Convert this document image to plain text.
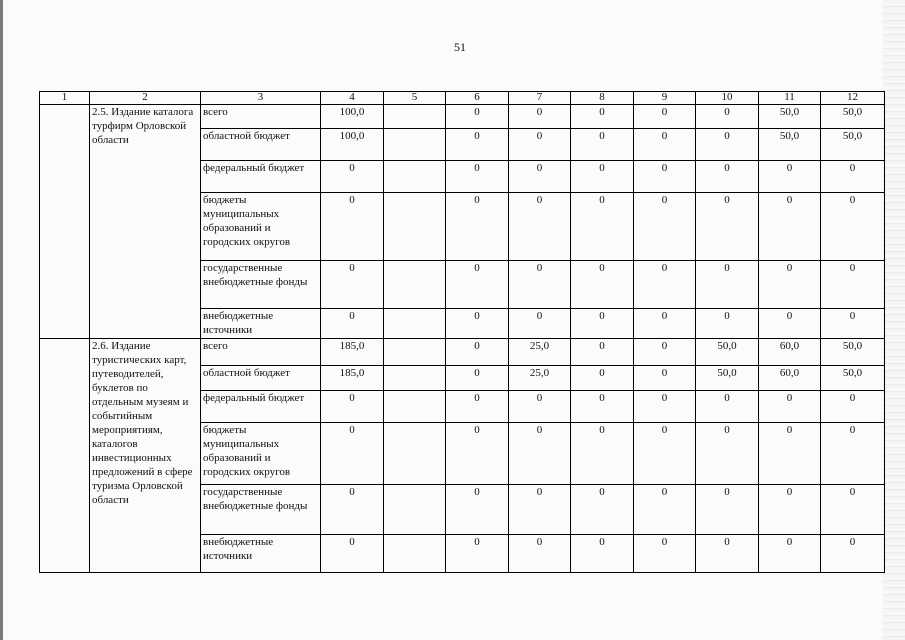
51
1	2	3	4	5	6	7	8	9	10	11	12
	2.5. Издание каталога турфирм Орловской области	всего	100,0		0	0	0	0	0	50,0	50,0
		областной бюджет	100,0		0	0	0	0	0	50,0	50,0
		федеральный бюджет	0		0	0	0	0	0	0	0
		бюджеты муниципальных образований и городских округов	0		0	0	0	0	0	0	0
		государственные внебюджетные фонды	0		0	0	0	0	0	0	0
		внебюджетные источники	0		0	0	0	0	0	0	0
	2.6. Издание туристических карт, путеводителей, буклетов по отдельным музеям и событийным мероприятиям, каталогов инвестиционных предложений в сфере туризма Орловской области	всего	185,0		0	25,0	0	0	50,0	60,0	50,0
		областной бюджет	185,0		0	25,0	0	0	50,0	60,0	50,0
		федеральный бюджет	0		0	0	0	0	0	0	0
		бюджеты муниципальных образований и городских округов	0		0	0	0	0	0	0	0
		государственные внебюджетные фонды	0		0	0	0	0	0	0	0
		внебюджетные источники	0		0	0	0	0	0	0	0
